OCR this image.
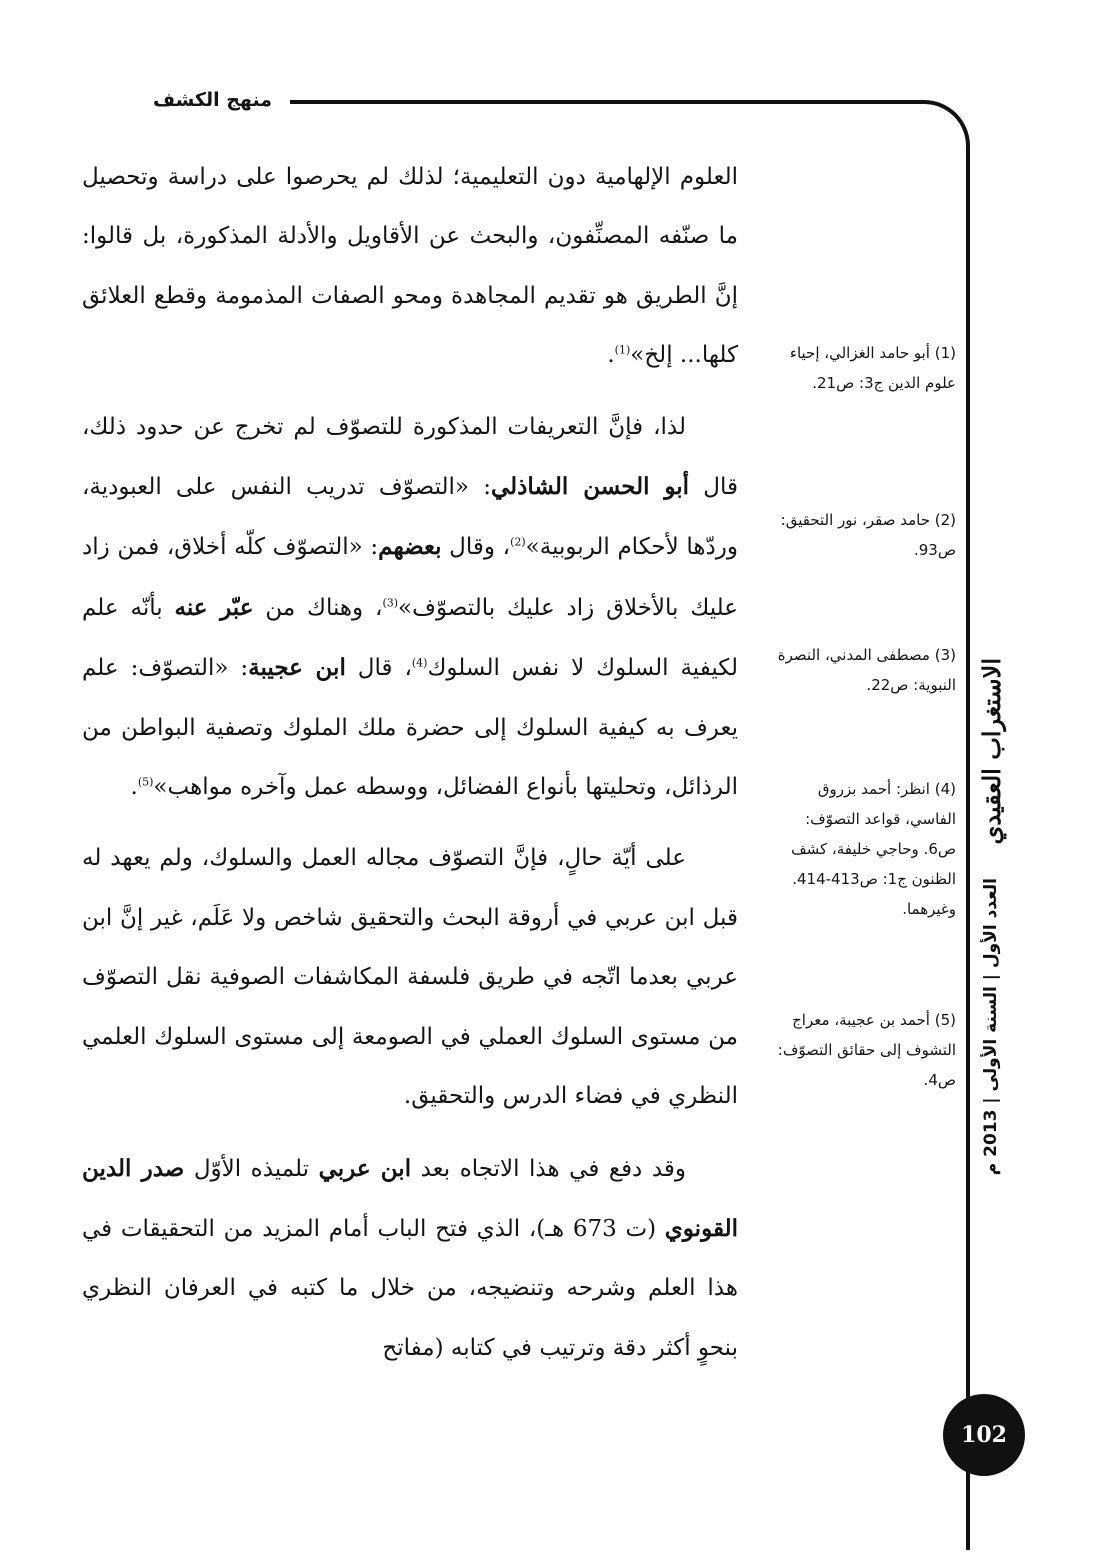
منهج الكشف

العلوم الإلهامية دون التعليمية؛ لذلك لم يحرصوا على دراسة وتحصيل ما صنّفه المصنِّفون، والبحث عن الأقاويل والأدلة المذكورة، بل قالوا: إنَّ الطريق هو تقديم المجاهدة ومحو الصفات المذمومة وقطع العلائق كلها... إلخ»$^{(1)}$.

لذا، فإنَّ التعريفات المذكورة للتصوّف لم تخرج عن حدود ذلك، قال أبو الحسن الشاذلي: «التصوّف تدريب النفس على العبودية، وردّها لأحكام الربوبية»$^{(2)}$، وقال بعضهم: «التصوّف كلّه أخلاق، فمن زاد عليك بالأخلاق زاد عليك بالتصوّف»$^{(3)}$، وهناك من عبّر عنه بأنّه علم لكيفية السلوك لا نفس السلوك$^{(4)}$، قال ابن عجيبة: «التصوّف: علم يعرف به كيفية السلوك إلى حضرة ملك الملوك وتصفية البواطن من الرذائل، وتحليتها بأنواع الفضائل، ووسطه عمل وآخره مواهب»$^{(5)}$.

على أيّة حالٍ، فإنَّ التصوّف مجاله العمل والسلوك، ولم يعهد له قبل ابن عربي في أروقة البحث والتحقيق شاخص ولا عَلَم، غير إنَّ ابن عربي بعدما اتّجه في طريق فلسفة المكاشفات الصوفية نقل التصوّف من مستوى السلوك العملي في الصومعة إلى مستوى السلوك العلمي النظري في فضاء الدرس والتحقيق.

وقد دفع في هذا الاتجاه بعد ابن عربي تلميذه الأوّل صدر الدين القونوي (ت 673 هـ)، الذي فتح الباب أمام المزيد من التحقيقات في هذا العلم وشرحه وتنضيجه، من خلال ما كتبه في العرفان النظري بنحوٍ أكثر دقة وترتيب في كتابه (مفاتح

(1) أبو حامد الغزالي، إحياء علوم الدين ج3: ص21.
(2) حامد صقر، نور التحقيق: ص93.
(3) مصطفى المدني، النصرة النبوية: ص22.
(4) انظر: أحمد بزروق الفاسي، قواعد التصوّف: ص6. وحاجي خليفة، كشف الظنون ج1: ص413-414. وغيرهما.
(5) أحمد بن عجيبة، معراج التشوف إلى حقائق التصوّف: ص4.
الاستغراب العقيدي
العدد الأول | السنة الأولى | 2013 م
102
